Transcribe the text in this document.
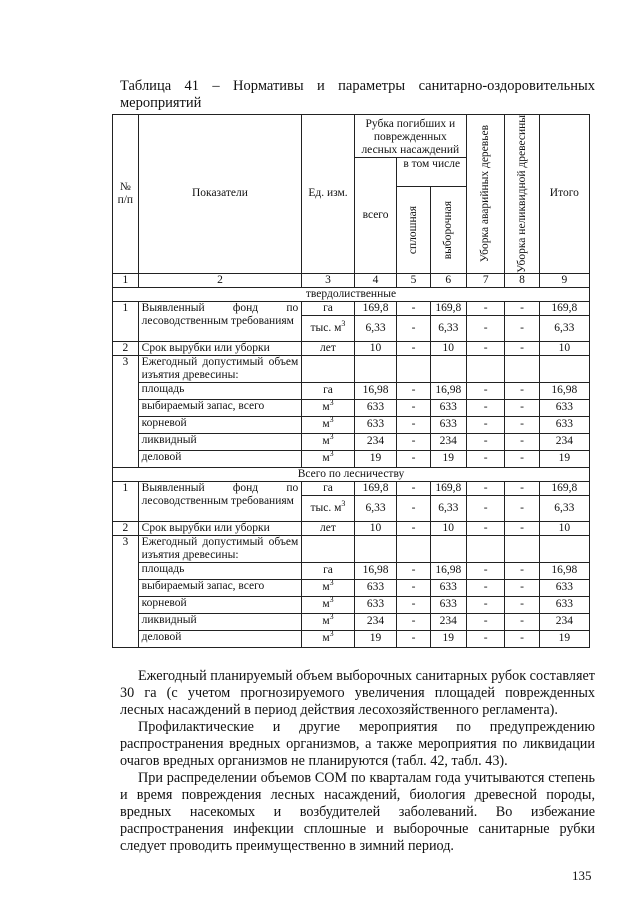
Таблица 41 – Нормативы и параметры санитарно-оздоровительных
мероприятий
№ п/п	Показатели	Ед. изм.	Рубка погибших и поврежденных лесных насаждений			Уборка аварийных деревьев	Уборка неликвидной древесины	Итого
			всего	в том числе				

				сплошная	выборочная			

1	2	3	4	5	6	7	8	9
твердолиственные								
1	Выявленный фонд по лесоводственным требованиям	га	169,8	-	169,8	-	-	169,8
		тыс. $м^3$	6,33	-	6,33	-	-	6,33
2	Срок вырубки или уборки	лет	10	-	10	-	-	10
3	Ежегодный допустимый объем изъятия древесины:							
	площадь	га	16,98	-	16,98	-	-	16,98
	выбираемый запас, всего	$м^3$	633	-	633	-	-	633
	корневой	$м^3$	633	-	633	-	-	633
	ликвидный	$м^3$	234	-	234	-	-	234
	деловой	$м^3$	19	-	19	-	-	19
Всего по лесничеству								
1	Выявленный фонд по лесоводственным требованиям	га	169,8	-	169,8	-	-	169,8
		тыс. $м^3$	6,33	-	6,33	-	-	6,33
2	Срок вырубки или уборки	лет	10	-	10	-	-	10
3	Ежегодный допустимый объем изъятия древесины:							
	площадь	га	16,98	-	16,98	-	-	16,98
	выбираемый запас, всего	$м^3$	633	-	633	-	-	633
	корневой	$м^3$	633	-	633	-	-	633
	ликвидный	$м^3$	234	-	234	-	-	234
	деловой	$м^3$	19	-	19	-	-	19
Ежегодный планируемый объем выборочных санитарных рубок составляет 30 га (с учетом прогнозируемого увеличения площадей поврежденных лесных насаждений в период действия лесохозяйственного регламента).
Профилактические и другие мероприятия по предупреждению распространения вредных организмов, а также мероприятия по ликвидации очагов вредных организмов не планируются (табл. 42, табл. 43).
При распределении объемов СОМ по кварталам года учитываются степень и время повреждения лесных насаждений, биология древесной породы, вредных насекомых и возбудителей заболеваний. Во избежание распространения инфекции сплошные и выборочные санитарные рубки следует проводить преимущественно в зимний период.
135
